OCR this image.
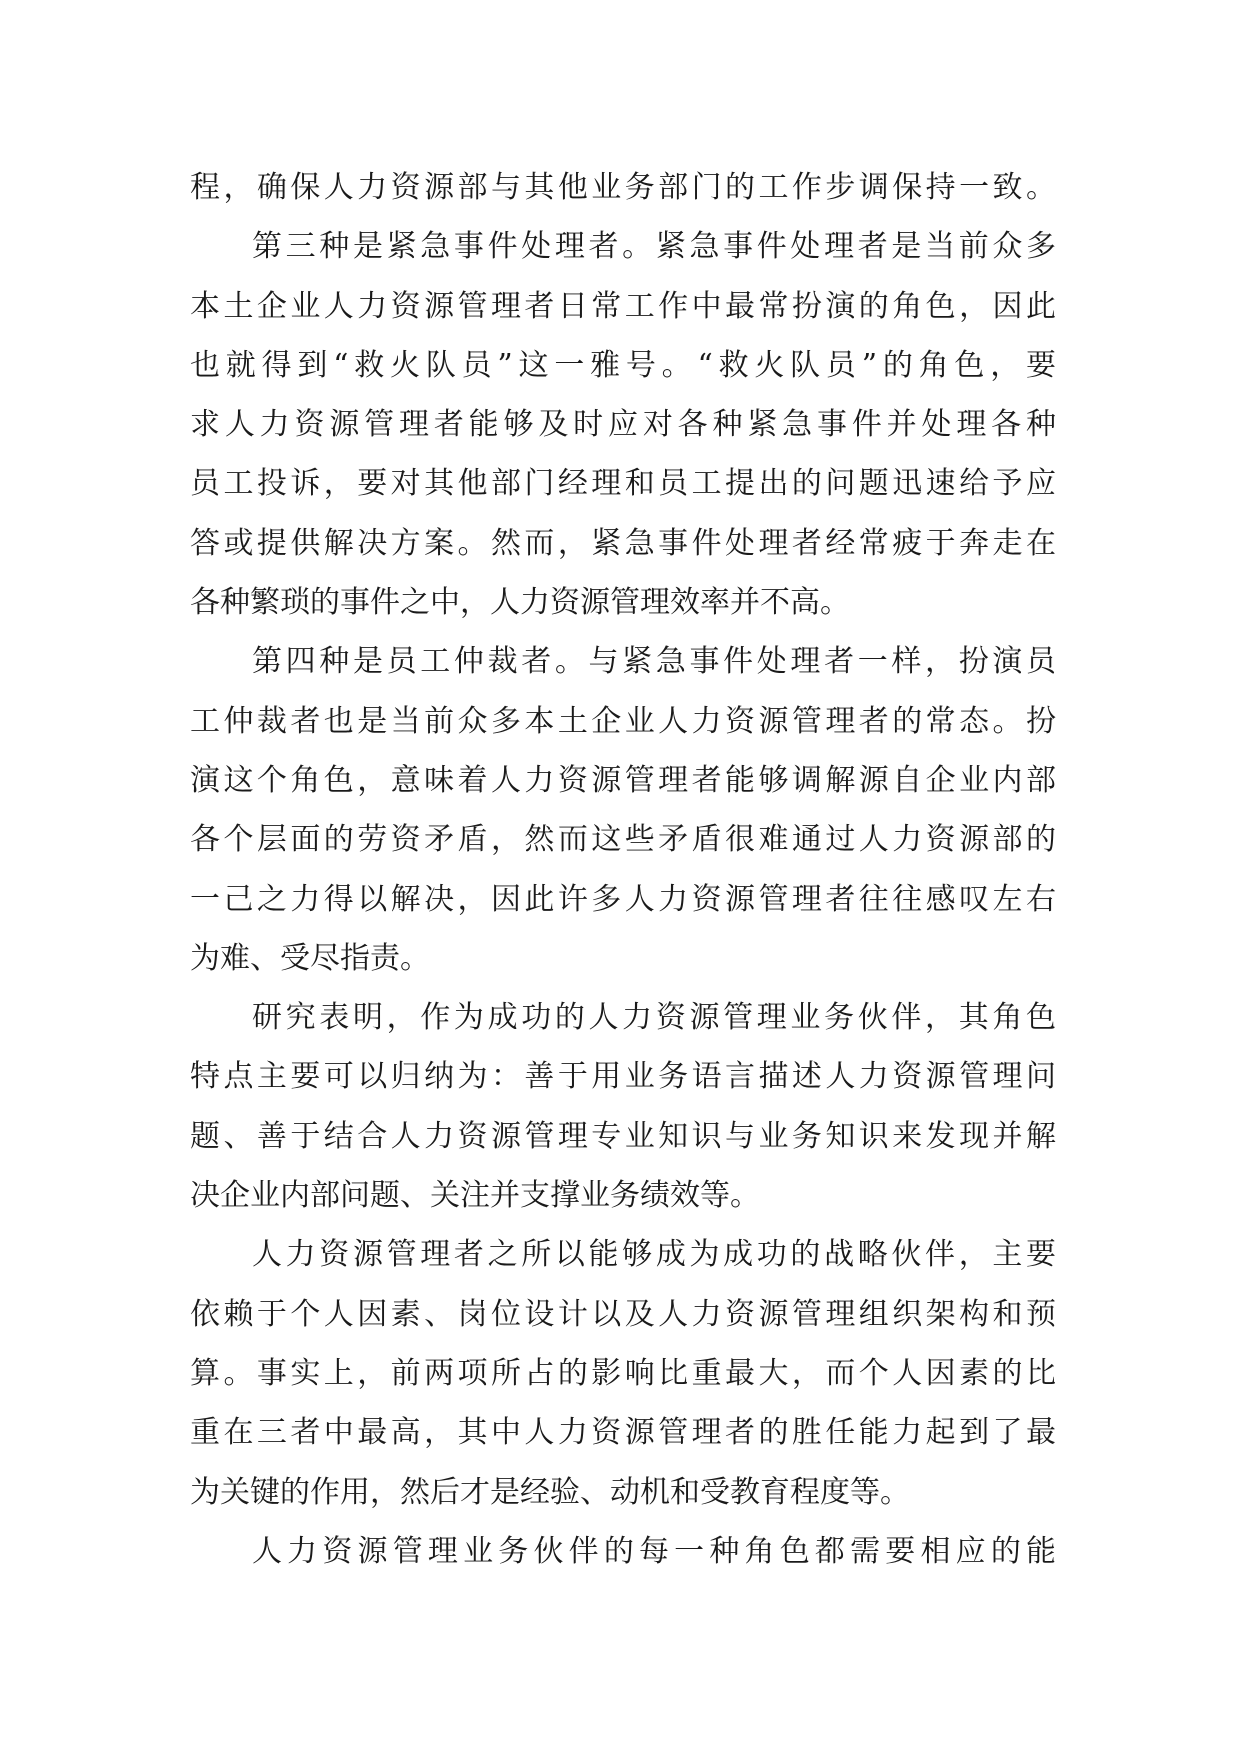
程，确保人力资源部与其他业务部门的工作步调保持一致。
第三种是紧急事件处理者。紧急事件处理者是当前众多
本土企业人力资源管理者日常工作中最常扮演的角色，因此
也就得到“救火队员”这一雅号。“救火队员”的角色，要
求人力资源管理者能够及时应对各种紧急事件并处理各种
员工投诉，要对其他部门经理和员工提出的问题迅速给予应
答或提供解决方案。然而，紧急事件处理者经常疲于奔走在
各种繁琐的事件之中，人力资源管理效率并不高。
第四种是员工仲裁者。与紧急事件处理者一样，扮演员
工仲裁者也是当前众多本土企业人力资源管理者的常态。扮
演这个角色，意味着人力资源管理者能够调解源自企业内部
各个层面的劳资矛盾，然而这些矛盾很难通过人力资源部的
一己之力得以解决，因此许多人力资源管理者往往感叹左右
为难、受尽指责。
研究表明，作为成功的人力资源管理业务伙伴，其角色
特点主要可以归纳为：善于用业务语言描述人力资源管理问
题、善于结合人力资源管理专业知识与业务知识来发现并解
决企业内部问题、关注并支撑业务绩效等。
人力资源管理者之所以能够成为成功的战略伙伴，主要
依赖于个人因素、岗位设计以及人力资源管理组织架构和预
算。事实上，前两项所占的影响比重最大，而个人因素的比
重在三者中最高，其中人力资源管理者的胜任能力起到了最
为关键的作用，然后才是经验、动机和受教育程度等。
人力资源管理业务伙伴的每一种角色都需要相应的能
